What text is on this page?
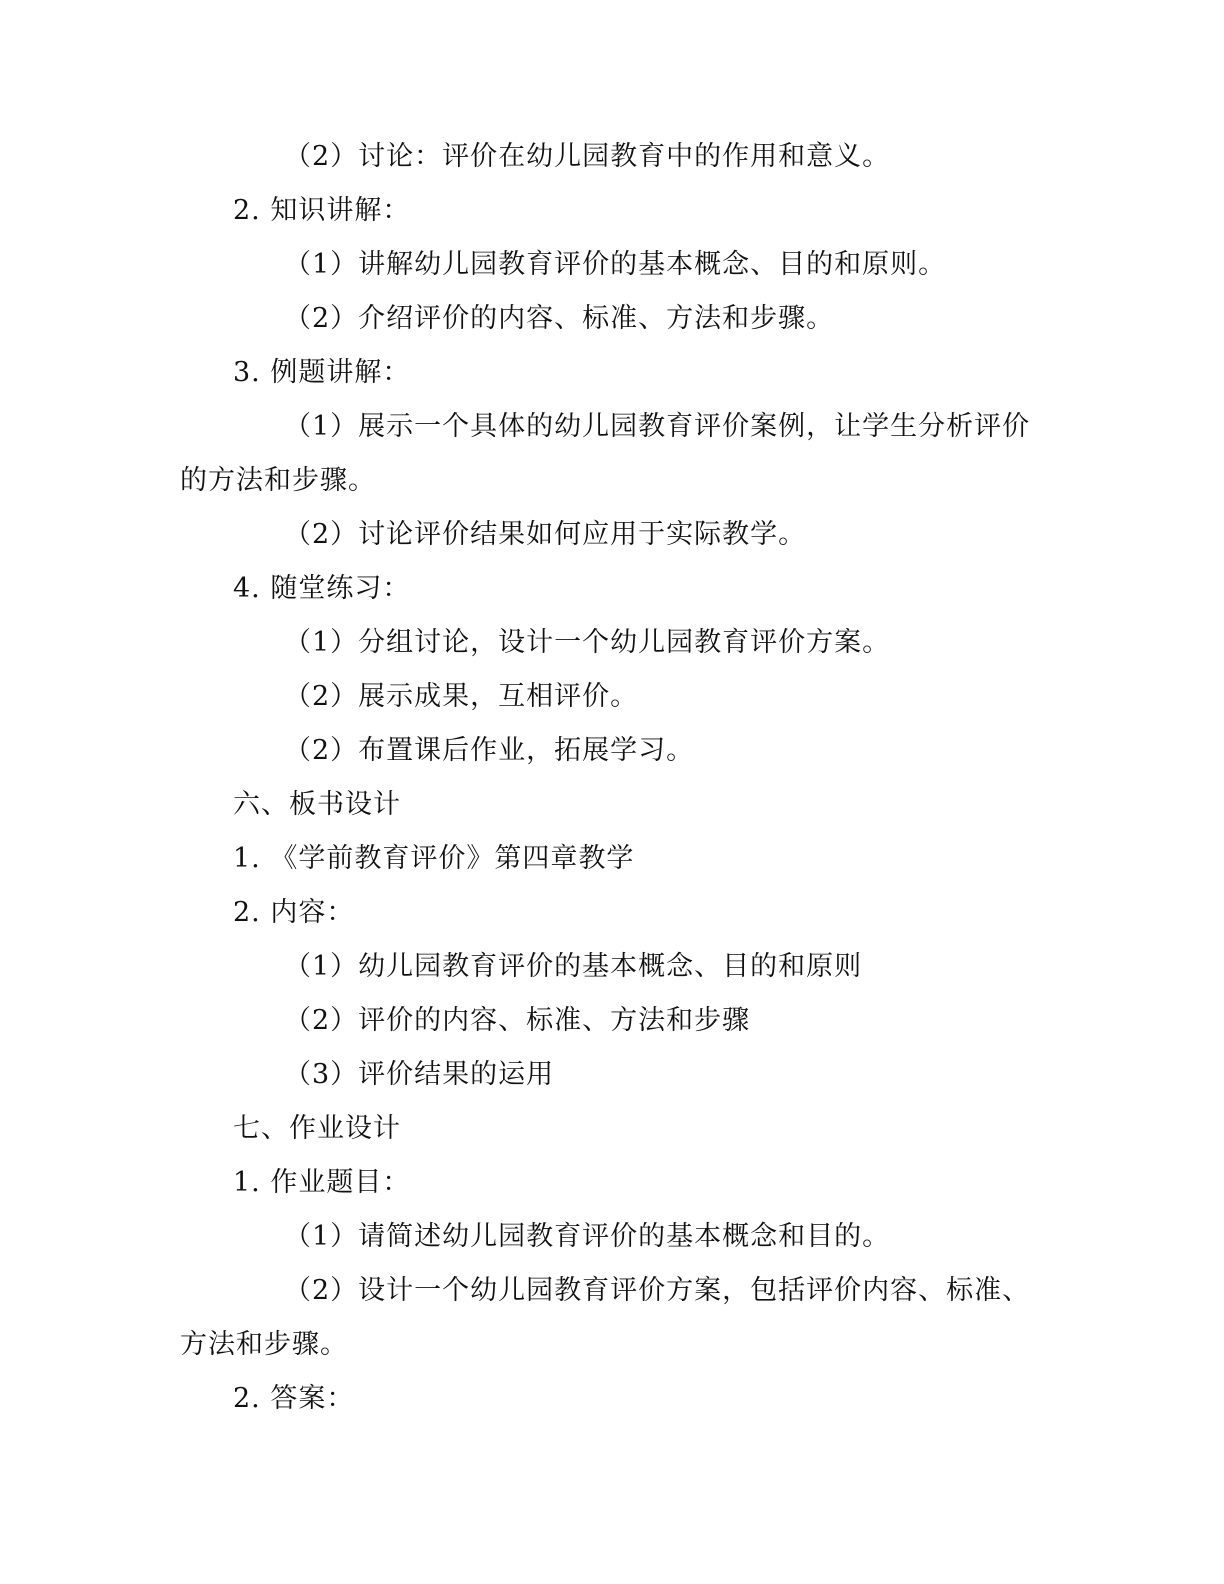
（2）讨论：评价在幼儿园教育中的作用和意义。
2. 知识讲解：
（1）讲解幼儿园教育评价的基本概念、目的和原则。
（2）介绍评价的内容、标准、方法和步骤。
3. 例题讲解：
（1）展示一个具体的幼儿园教育评价案例，让学生分析评价
的方法和步骤。
（2）讨论评价结果如何应用于实际教学。
4. 随堂练习：
（1）分组讨论，设计一个幼儿园教育评价方案。
（2）展示成果，互相评价。
（2）布置课后作业，拓展学习。
六、板书设计
1. 《学前教育评价》第四章教学
2. 内容：
（1）幼儿园教育评价的基本概念、目的和原则
（2）评价的内容、标准、方法和步骤
（3）评价结果的运用
七、作业设计
1. 作业题目：
（1）请简述幼儿园教育评价的基本概念和目的。
（2）设计一个幼儿园教育评价方案，包括评价内容、标准、
方法和步骤。
2. 答案：
